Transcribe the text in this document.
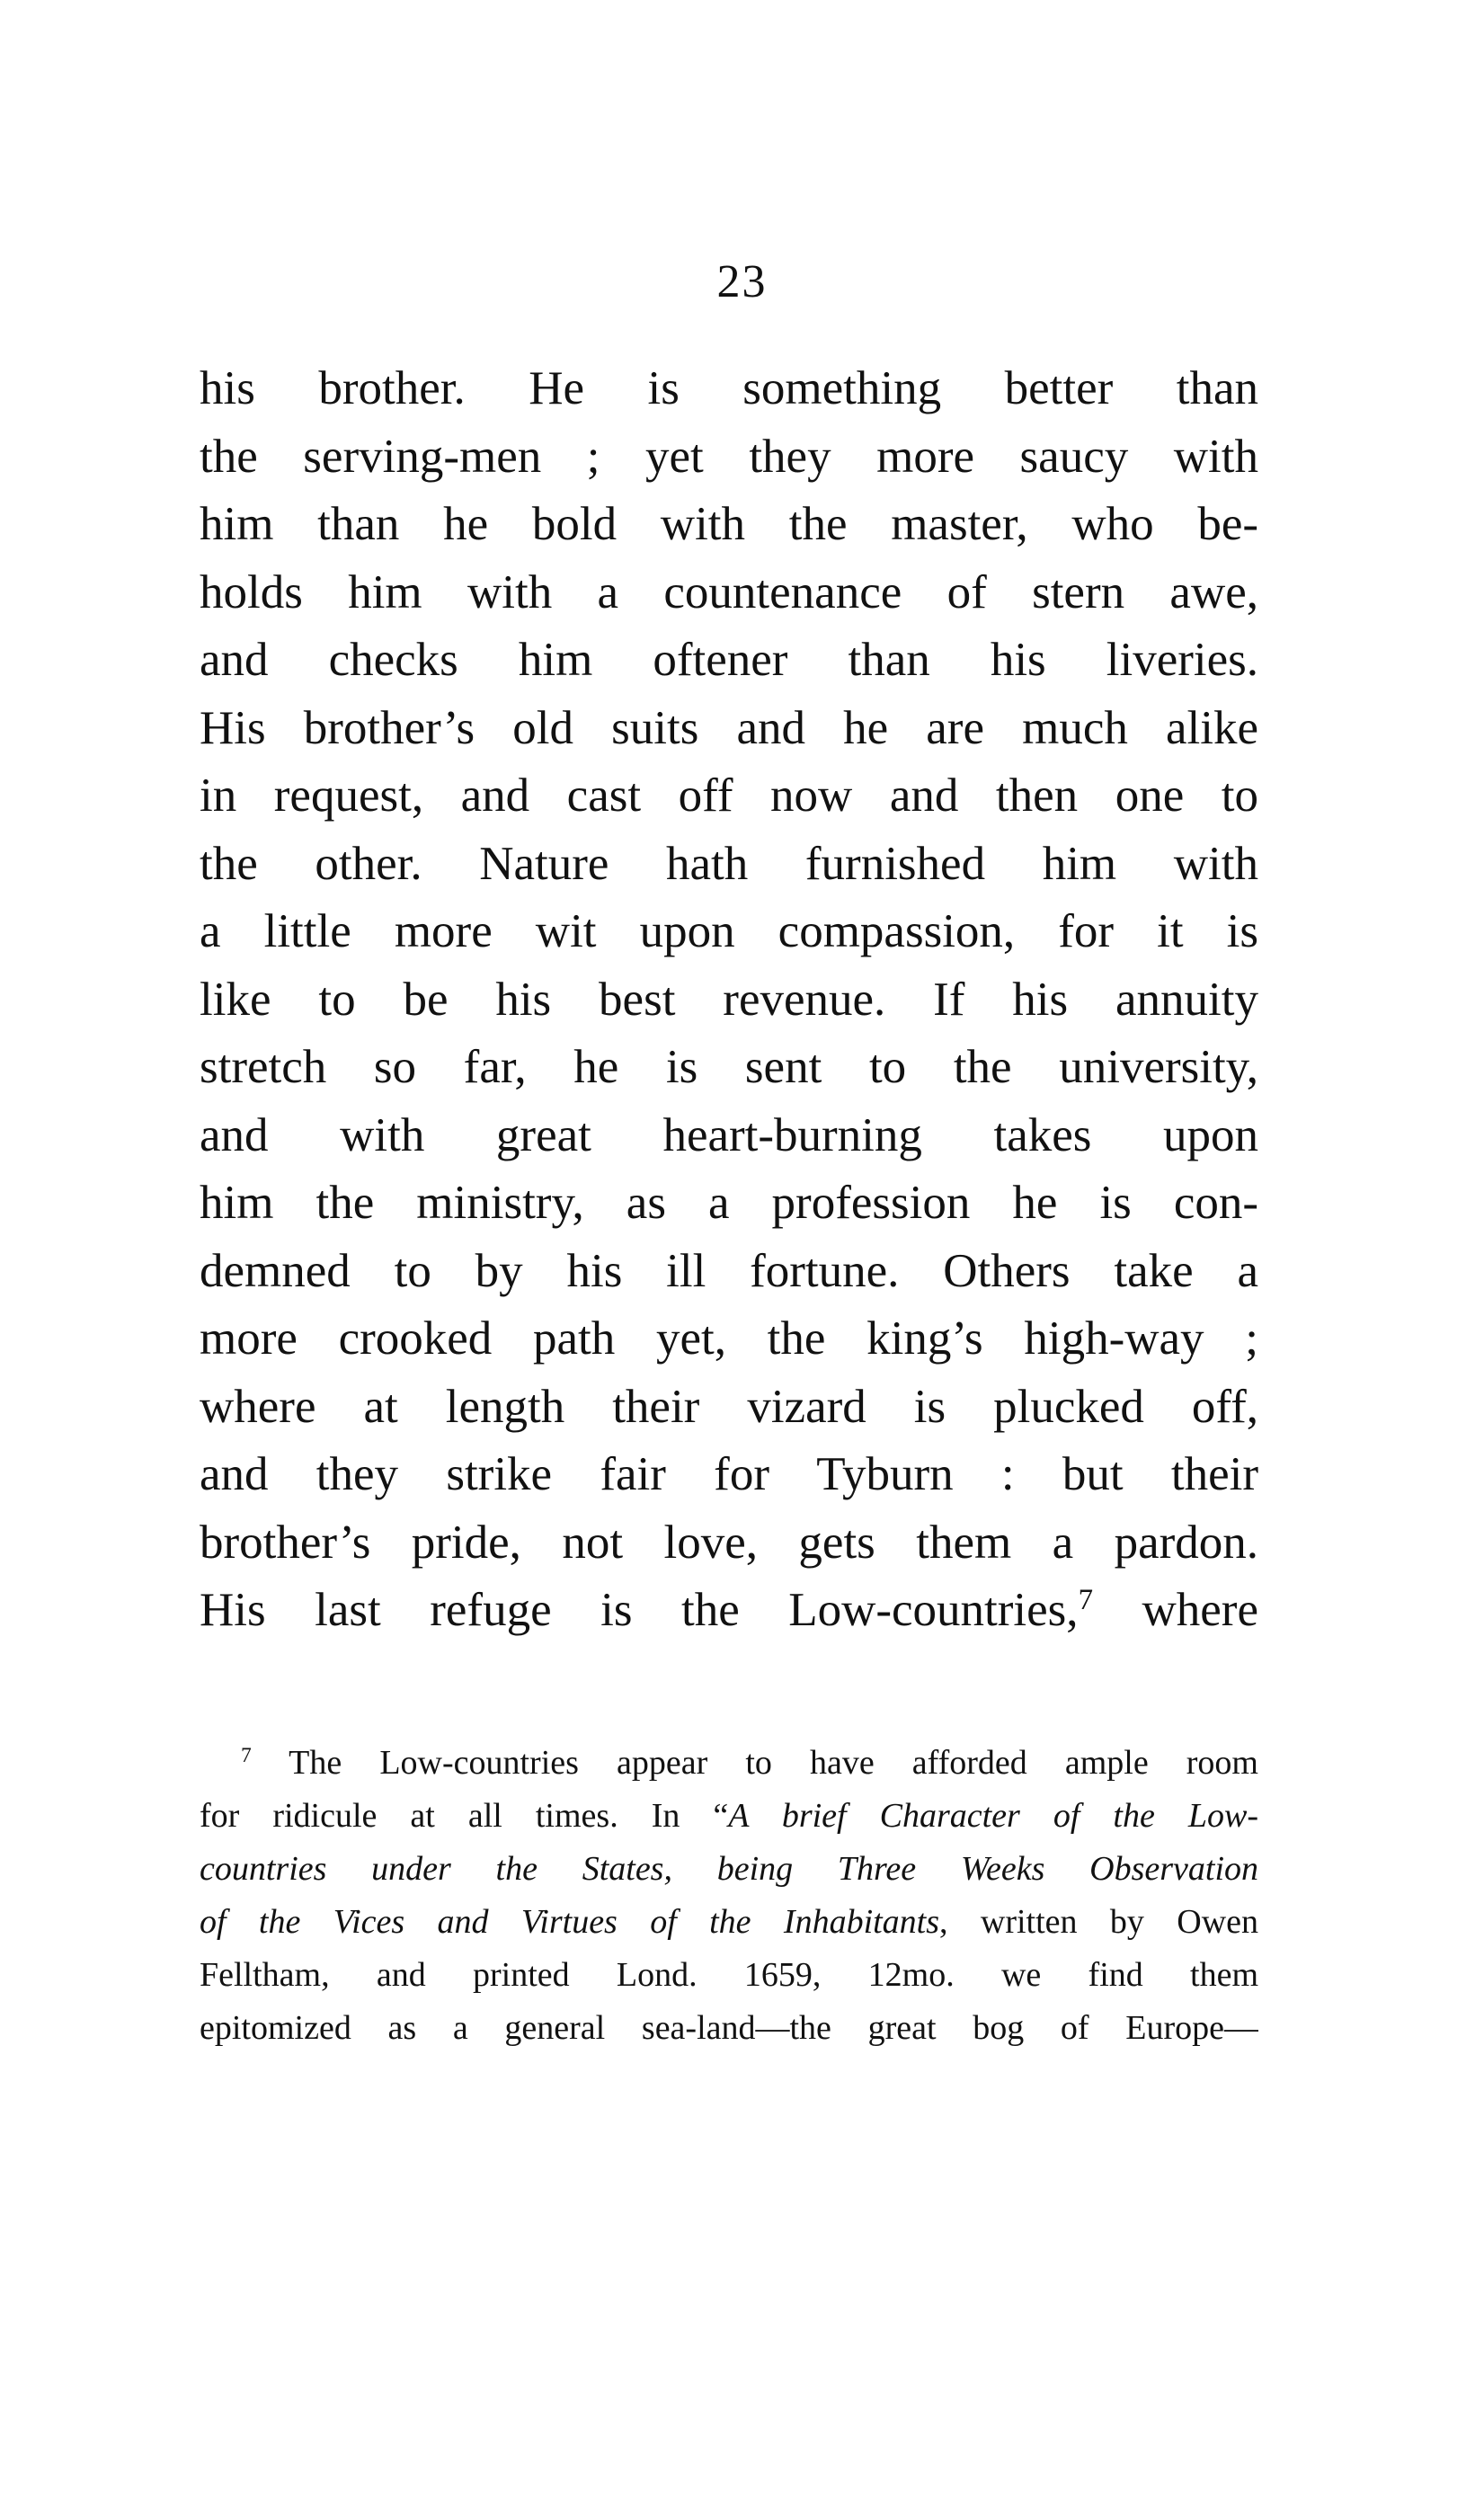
23
his brother. He is something better than
the serving-men ; yet they more saucy with
him than he bold with the master, who be-
holds him with a countenance of stern awe,
and checks him oftener than his liveries.
His brother’s old suits and he are much alike
in request, and cast off now and then one to
the other. Nature hath furnished him with
a little more wit upon compassion, for it is
like to be his best revenue. If his annuity
stretch so far, he is sent to the university,
and with great heart-burning takes upon
him the ministry, as a profession he is con-
demned to by his ill fortune. Others take a
more crooked path yet, the king’s high-way ;
where at length their vizard is plucked off,
and they strike fair for Tyburn : but their
brother’s pride, not love, gets them a pardon.
His last refuge is the Low-countries,$^7$ where
$^7$ The Low-countries appear to have afforded ample room
for ridicule at all times. In “A brief Character of the Low-
countries under the States, being Three Weeks Observation
of the Vices and Virtues of the Inhabitants, written by Owen
Fellth​am, and printed Lond. 1659, 12mo. we find them
epitomized as a general sea-land—the great bog of Europe—
